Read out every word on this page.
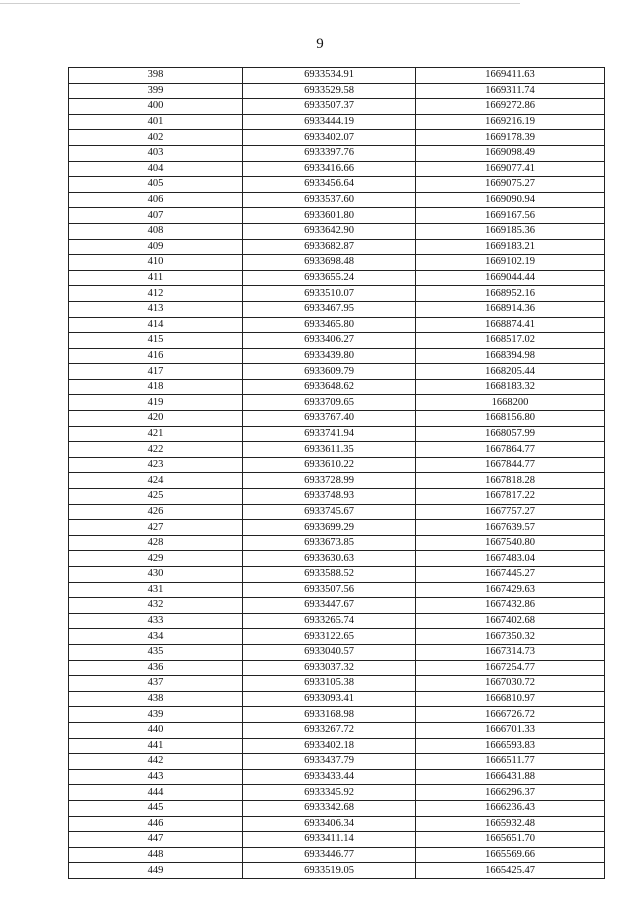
9
398	6933534.91	1669411.63
399	6933529.58	1669311.74
400	6933507.37	1669272.86
401	6933444.19	1669216.19
402	6933402.07	1669178.39
403	6933397.76	1669098.49
404	6933416.66	1669077.41
405	6933456.64	1669075.27
406	6933537.60	1669090.94
407	6933601.80	1669167.56
408	6933642.90	1669185.36
409	6933682.87	1669183.21
410	6933698.48	1669102.19
411	6933655.24	1669044.44
412	6933510.07	1668952.16
413	6933467.95	1668914.36
414	6933465.80	1668874.41
415	6933406.27	1668517.02
416	6933439.80	1668394.98
417	6933609.79	1668205.44
418	6933648.62	1668183.32
419	6933709.65	1668200
420	6933767.40	1668156.80
421	6933741.94	1668057.99
422	6933611.35	1667864.77
423	6933610.22	1667844.77
424	6933728.99	1667818.28
425	6933748.93	1667817.22
426	6933745.67	1667757.27
427	6933699.29	1667639.57
428	6933673.85	1667540.80
429	6933630.63	1667483.04
430	6933588.52	1667445.27
431	6933507.56	1667429.63
432	6933447.67	1667432.86
433	6933265.74	1667402.68
434	6933122.65	1667350.32
435	6933040.57	1667314.73
436	6933037.32	1667254.77
437	6933105.38	1667030.72
438	6933093.41	1666810.97
439	6933168.98	1666726.72
440	6933267.72	1666701.33
441	6933402.18	1666593.83
442	6933437.79	1666511.77
443	6933433.44	1666431.88
444	6933345.92	1666296.37
445	6933342.68	1666236.43
446	6933406.34	1665932.48
447	6933411.14	1665651.70
448	6933446.77	1665569.66
449	6933519.05	1665425.47
